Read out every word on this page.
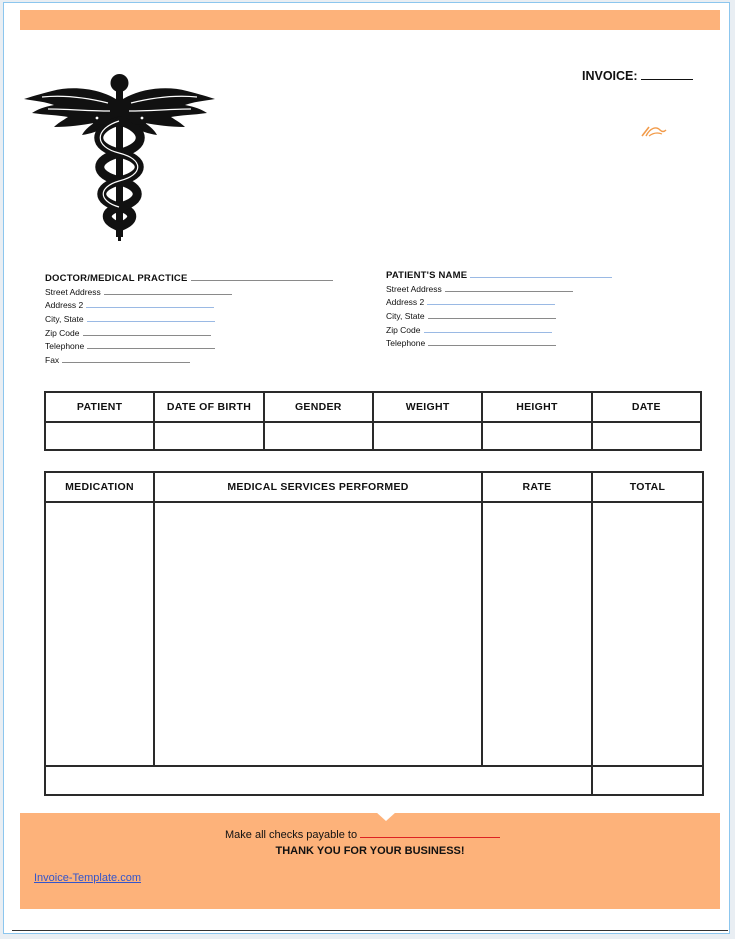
INVOICE:
DOCTOR/MEDICAL PRACTICE
Street Address
Address 2
City, State
Zip Code
Telephone
Fax
PATIENT'S NAME
Street Address
Address 2
City, State
Zip Code
Telephone
PATIENT	DATE OF BIRTH	GENDER	WEIGHT	HEIGHT	DATE

MEDICATION	MEDICAL SERVICES PERFORMED	RATE	TOTAL

Make all checks payable to
THANK YOU FOR YOUR BUSINESS!
Invoice-Template.com
